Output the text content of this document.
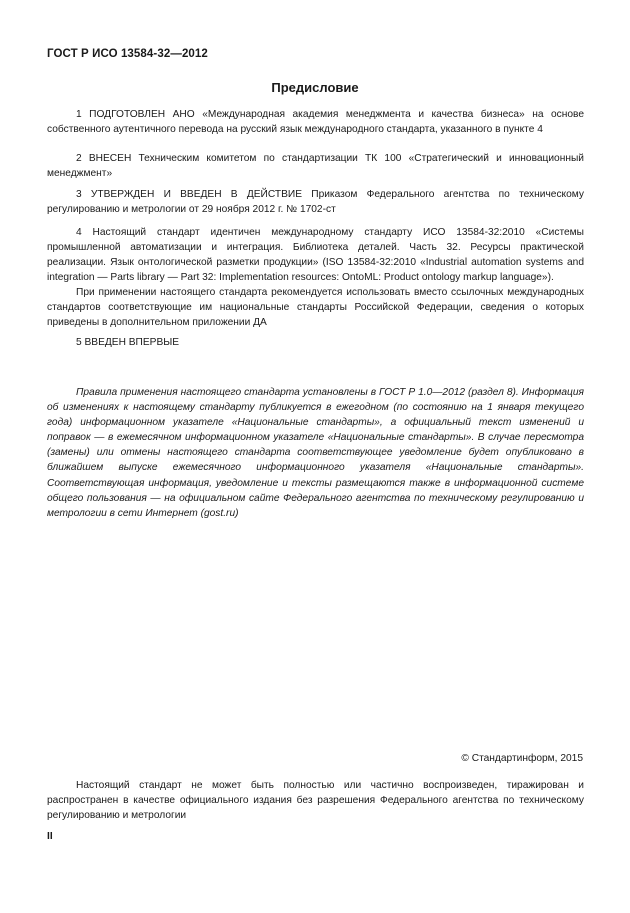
ГОСТ Р ИСО 13584-32—2012
Предисловие

1 ПОДГОТОВЛЕН АНО «Международная академия менеджмента и качества бизнеса» на основе собственного аутентичного перевода на русский язык международного стандарта, указанного в пункте 4

2 ВНЕСЕН Техническим комитетом по стандартизации ТК 100 «Стратегический и инновационный менеджмент»

3 УТВЕРЖДЕН И ВВЕДЕН В ДЕЙСТВИЕ Приказом Федерального агентства по техническому регулированию и метрологии от 29 ноября 2012 г. № 1702-ст

4 Настоящий стандарт идентичен международному стандарту ИСО 13584-32:2010 «Системы промышленной автоматизации и интеграция. Библиотека деталей. Часть 32. Ресурсы практической реализации. Язык онтологической разметки продукции» (ISO 13584-32:2010 «Industrial automation systems and integration — Parts library — Part 32: Implementation resources: OntoML: Product ontology markup language»).

При применении настоящего стандарта рекомендуется использовать вместо ссылочных международных стандартов соответствующие им национальные стандарты Российской Федерации, сведения о которых приведены в дополнительном приложении ДА

5 ВВЕДЕН ВПЕРВЫЕ

Правила применения настоящего стандарта установлены в ГОСТ Р 1.0—2012 (раздел 8). Информация об изменениях к настоящему стандарту публикуется в ежегодном (по состоянию на 1 января текущего года) информационном указателе «Национальные стандарты», а официальный текст изменений и поправок — в ежемесячном информационном указателе «Национальные стандарты». В случае пересмотра (замены) или отмены настоящего стандарта соответствующее уведомление будет опубликовано в ближайшем выпуске ежемесячного информационного указателя «Национальные стандарты». Соответствующая информация, уведомление и тексты размещаются также в информационной системе общего пользования — на официальном сайте Федерального агентства по техническому регулированию и метрологии в сети Интернет (gost.ru)
© Стандартинформ, 2015
Настоящий стандарт не может быть полностью или частично воспроизведен, тиражирован и распространен в качестве официального издания без разрешения Федерального агентства по техническому регулированию и метрологии
II
